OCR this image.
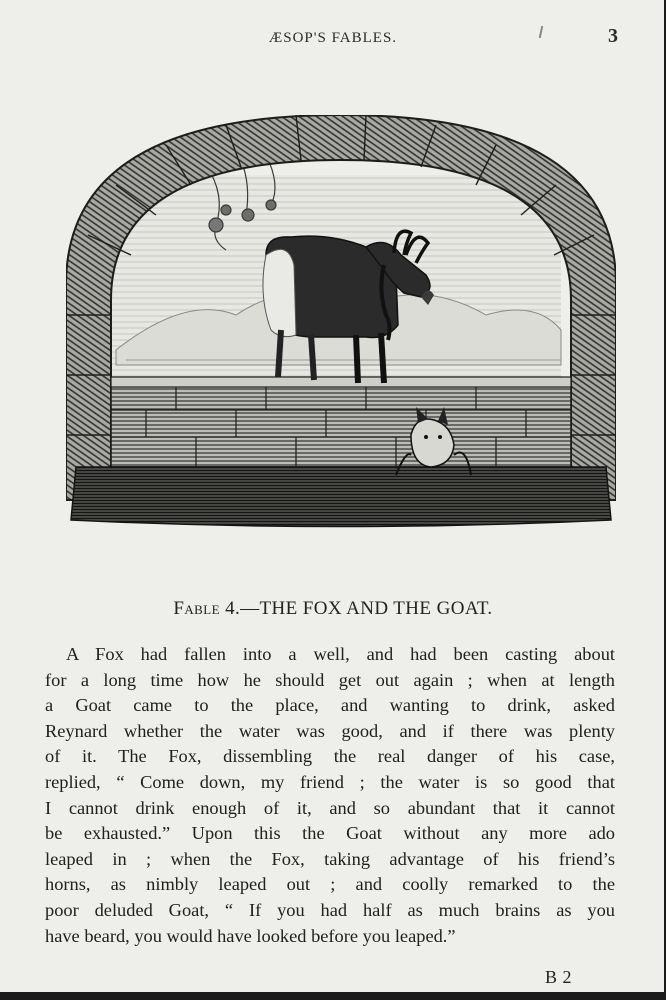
ÆSOP'S FABLES.	3
Fable 4.—THE FOX AND THE GOAT.
A Fox had fallen into a well, and had been casting about
for a long time how he should get out again ; when at length
a Goat came to the place, and wanting to drink, asked
Reynard whether the water was good, and if there was plenty
of it. The Fox, dissembling the real danger of his case,
replied, “ Come down, my friend ; the water is so good that
I cannot drink enough of it, and so abundant that it cannot
be exhausted.” Upon this the Goat without any more ado
leaped in ; when the Fox, taking advantage of his friend’s
horns, as nimbly leaped out ; and coolly remarked to the
poor deluded Goat, “ If you had half as much brains as you
have beard, you would have looked before you leaped.”
B 2
